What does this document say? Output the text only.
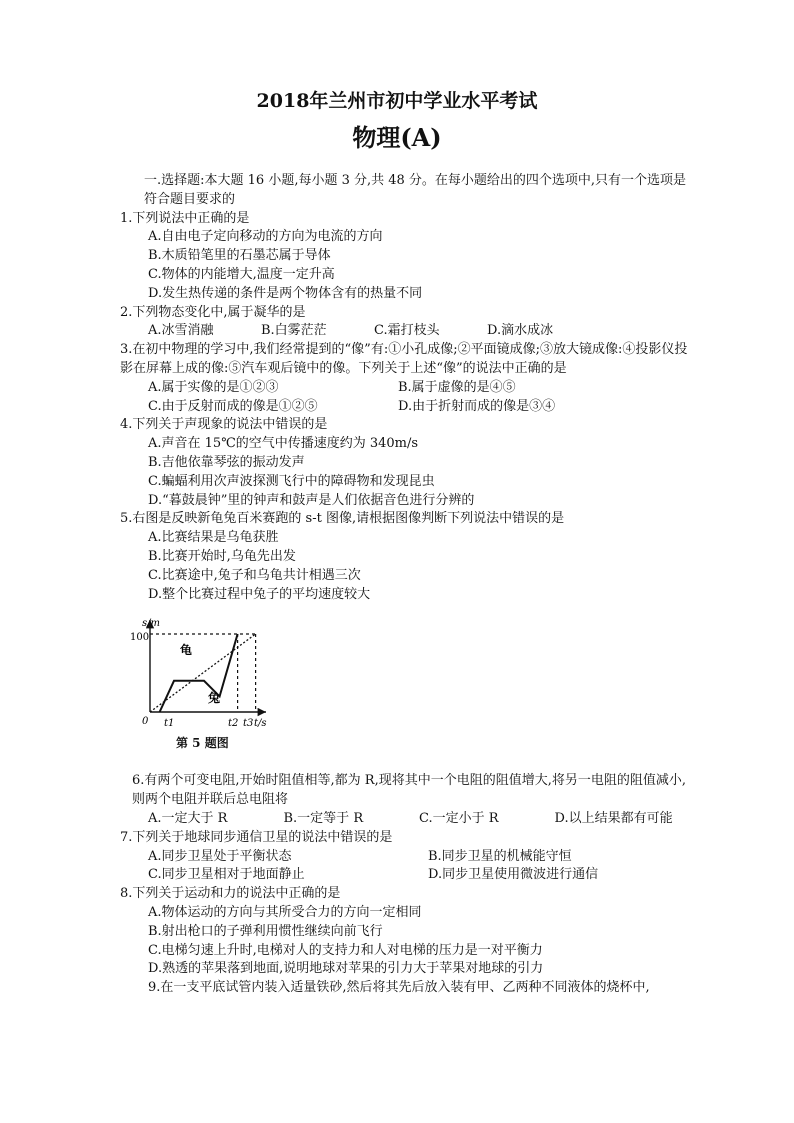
2018年兰州市初中学业水平考试
物理(A)

一.选择题:本大题 16 小题,每小题 3 分,共 48 分。在每小题给出的四个选项中,只有一个选项是符合题目要求的

1.下列说法中正确的是

A.自由电子定向移动的方向为电流的方向

B.木质铅笔里的石墨芯属于导体

C.物体的内能增大,温度一定升高

D.发生热传递的条件是两个物体含有的热量不同

2.下列物态变化中,属于凝华的是

A.冰雪消融	B.白雾茫茫	C.霜打枝头	D.滴水成冰

3.在初中物理的学习中,我们经常提到的“像”有:①小孔成像;②平面镜成像;③放大镜成像:④投影仪投影在屏幕上成的像:⑤汽车观后镜中的像。下列关于上述“像”的说法中正确的是

A.属于实像的是①②③	B.属于虚像的是④⑤
C.由于反射而成的像是①②⑤	D.由于折射而成的像是③④

4.下列关于声现象的说法中错误的是

A.声音在 15℃的空气中传播速度约为 340m/s

B.吉他依靠琴弦的振动发声

C.蝙蝠利用次声波探测飞行中的障碍物和发现昆虫

D.“暮鼓晨钟”里的钟声和鼓声是人们依据音色进行分辨的

5.右图是反映新龟兔百米赛跑的 s-t 图像,请根据图像判断下列说法中错误的是

A.比赛结果是乌龟获胜

B.比赛开始时,乌龟先出发

C.比赛途中,兔子和乌龟共计相遇三次

D.整个比赛过程中兔子的平均速度较大

s/m
t/s
100
0 t1	t2 t3
龟
兔
第 5 题图

6.有两个可变电阻,开始时阻值相等,都为 R,现将其中一个电阻的阻值增大,将另一电阻的阻值减小,则两个电阻并联后总电阻将

A.一定大于 R	B.一定等于 R	C.一定小于 R	D.以上结果都有可能

7.下列关于地球同步通信卫星的说法中错误的是

A.同步卫星处于平衡状态	B.同步卫星的机械能守恒
C.同步卫星相对于地面静止	D.同步卫星使用微波进行通信

8.下列关于运动和力的说法中正确的是

A.物体运动的方向与其所受合力的方向一定相同

B.射出枪口的子弹利用惯性继续向前飞行

C.电梯匀速上升时,电梯对人的支持力和人对电梯的压力是一对平衡力

D.熟透的苹果落到地面,说明地球对苹果的引力大于苹果对地球的引力

9.在一支平底试管内装入适量铁砂,然后将其先后放入装有甲、乙两种不同液体的烧杯中,
